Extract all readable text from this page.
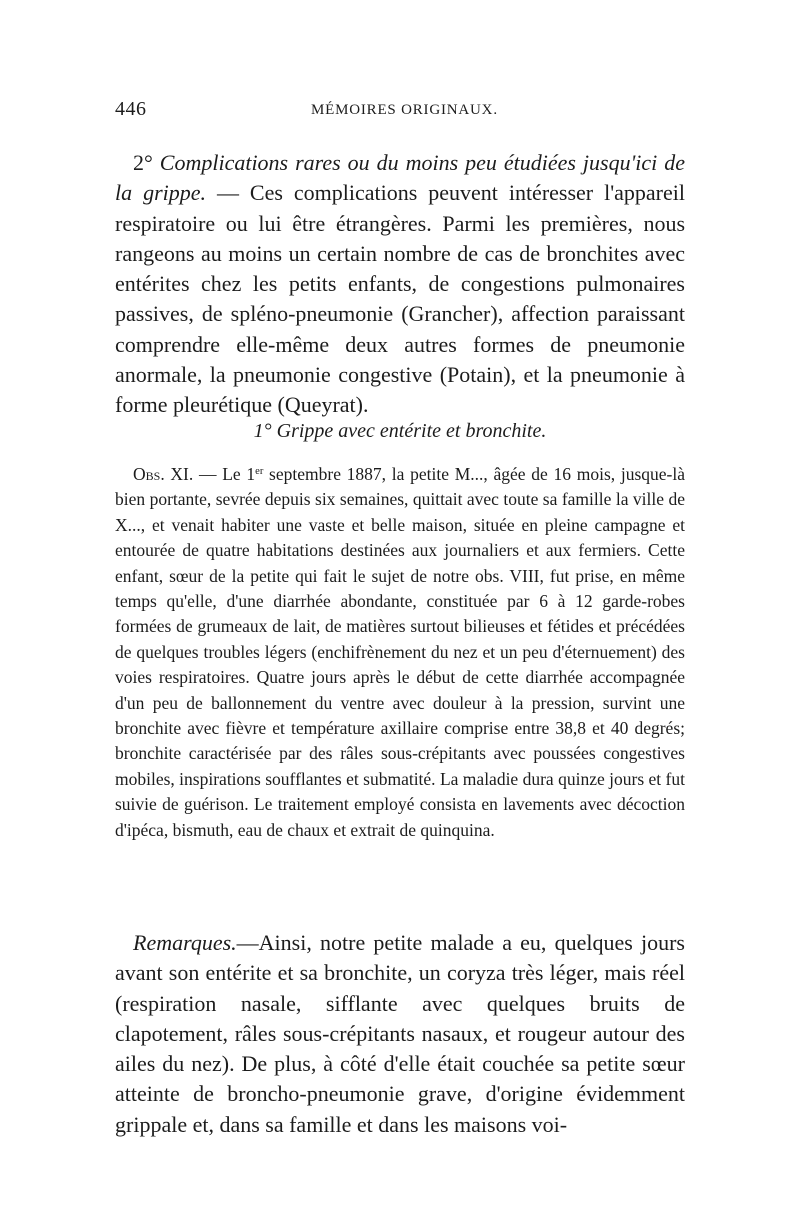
446	MÉMOIRES ORIGINAUX.

2° Complications rares ou du moins peu étudiées jusqu'ici de la grippe. — Ces complications peuvent intéresser l'appareil respiratoire ou lui être étrangères. Parmi les premières, nous rangeons au moins un certain nombre de cas de bronchites avec entérites chez les petits enfants, de congestions pulmonaires passives, de spléno-pneumonie (Grancher), affection paraissant comprendre elle-même deux autres formes de pneumonie anormale, la pneumonie congestive (Potain), et la pneumonie à forme pleurétique (Queyrat).

1° Grippe avec entérite et bronchite.

Obs. XI. — Le 1er septembre 1887, la petite M..., âgée de 16 mois, jusque-là bien portante, sevrée depuis six semaines, quittait avec toute sa famille la ville de X..., et venait habiter une vaste et belle maison, située en pleine campagne et entourée de quatre habitations destinées aux journaliers et aux fermiers. Cette enfant, sœur de la petite qui fait le sujet de notre obs. VIII, fut prise, en même temps qu'elle, d'une diarrhée abondante, constituée par 6 à 12 garde-robes formées de grumeaux de lait, de matières surtout bilieuses et fétides et précédées de quelques troubles légers (enchifrènement du nez et un peu d'éternuement) des voies respiratoires. Quatre jours après le début de cette diarrhée accompagnée d'un peu de ballonnement du ventre avec douleur à la pression, survint une bronchite avec fièvre et température axillaire comprise entre 38,8 et 40 degrés; bronchite caractérisée par des râles sous-crépitants avec poussées congestives mobiles, inspirations soufflantes et submatité. La maladie dura quinze jours et fut suivie de guérison. Le traitement employé consista en lavements avec décoction d'ipéca, bismuth, eau de chaux et extrait de quinquina.

Remarques.—Ainsi, notre petite malade a eu, quelques jours avant son entérite et sa bronchite, un coryza très léger, mais réel (respiration nasale, sifflante avec quelques bruits de clapotement, râles sous-crépitants nasaux, et rougeur autour des ailes du nez). De plus, à côté d'elle était couchée sa petite sœur atteinte de broncho-pneumonie grave, d'origine évidemment grippale et, dans sa famille et dans les maisons voi-
